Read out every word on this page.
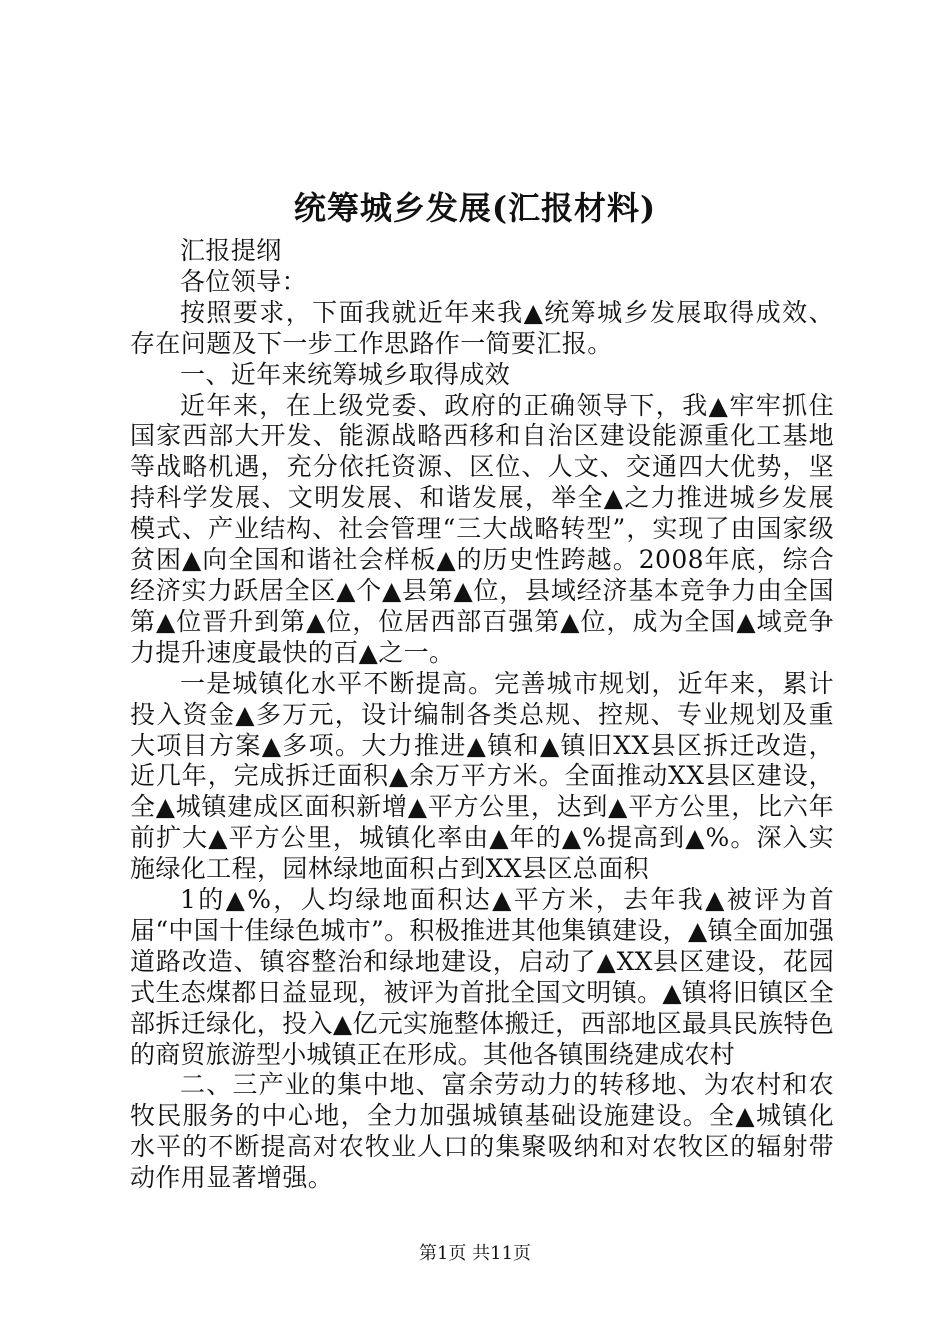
统筹城乡发展(汇报材料)

汇报提纲

各位领导：

按照要求，下面我就近年来我▲统筹城乡发展取得成效、存在问题及下一步工作思路作一简要汇报。

一、近年来统筹城乡取得成效

近年来，在上级党委、政府的正确领导下，我▲牢牢抓住国家西部大开发、能源战略西移和自治区建设能源重化工基地等战略机遇，充分依托资源、区位、人文、交通四大优势，坚持科学发展、文明发展、和谐发展，举全▲之力推进城乡发展模式、产业结构、社会管理“三大战略转型”，实现了由国家级贫困▲向全国和谐社会样板▲的历史性跨越。2008年底，综合经济实力跃居全区▲个▲县第▲位，县域经济基本竞争力由全国第▲位晋升到第▲位，位居西部百强第▲位，成为全国▲域竞争力提升速度最快的百▲之一。

一是城镇化水平不断提高。完善城市规划，近年来，累计投入资金▲多万元，设计编制各类总规、控规、专业规划及重大项目方案▲多项。大力推进▲镇和▲镇旧XX县区拆迁改造，近几年，完成拆迁面积▲余万平方米。全面推动XX县区建设，全▲城镇建成区面积新增▲平方公里，达到▲平方公里，比六年前扩大▲平方公里，城镇化率由▲年的▲%提高到▲%。深入实施绿化工程，园林绿地面积占到XX县区总面积

1的▲%，人均绿地面积达▲平方米，去年我▲被评为首届“中国十佳绿色城市”。积极推进其他集镇建设，▲镇全面加强道路改造、镇容整治和绿地建设，启动了▲XX县区建设，花园式生态煤都日益显现，被评为首批全国文明镇。▲镇将旧镇区全部拆迁绿化，投入▲亿元实施整体搬迁，西部地区最具民族特色的商贸旅游型小城镇正在形成。其他各镇围绕建成农村

二、三产业的集中地、富余劳动力的转移地、为农村和农牧民服务的中心地，全力加强城镇基础设施建设。全▲城镇化水平的不断提高对农牧业人口的集聚吸纳和对农牧区的辐射带动作用显著增强。

第1页 共11页
